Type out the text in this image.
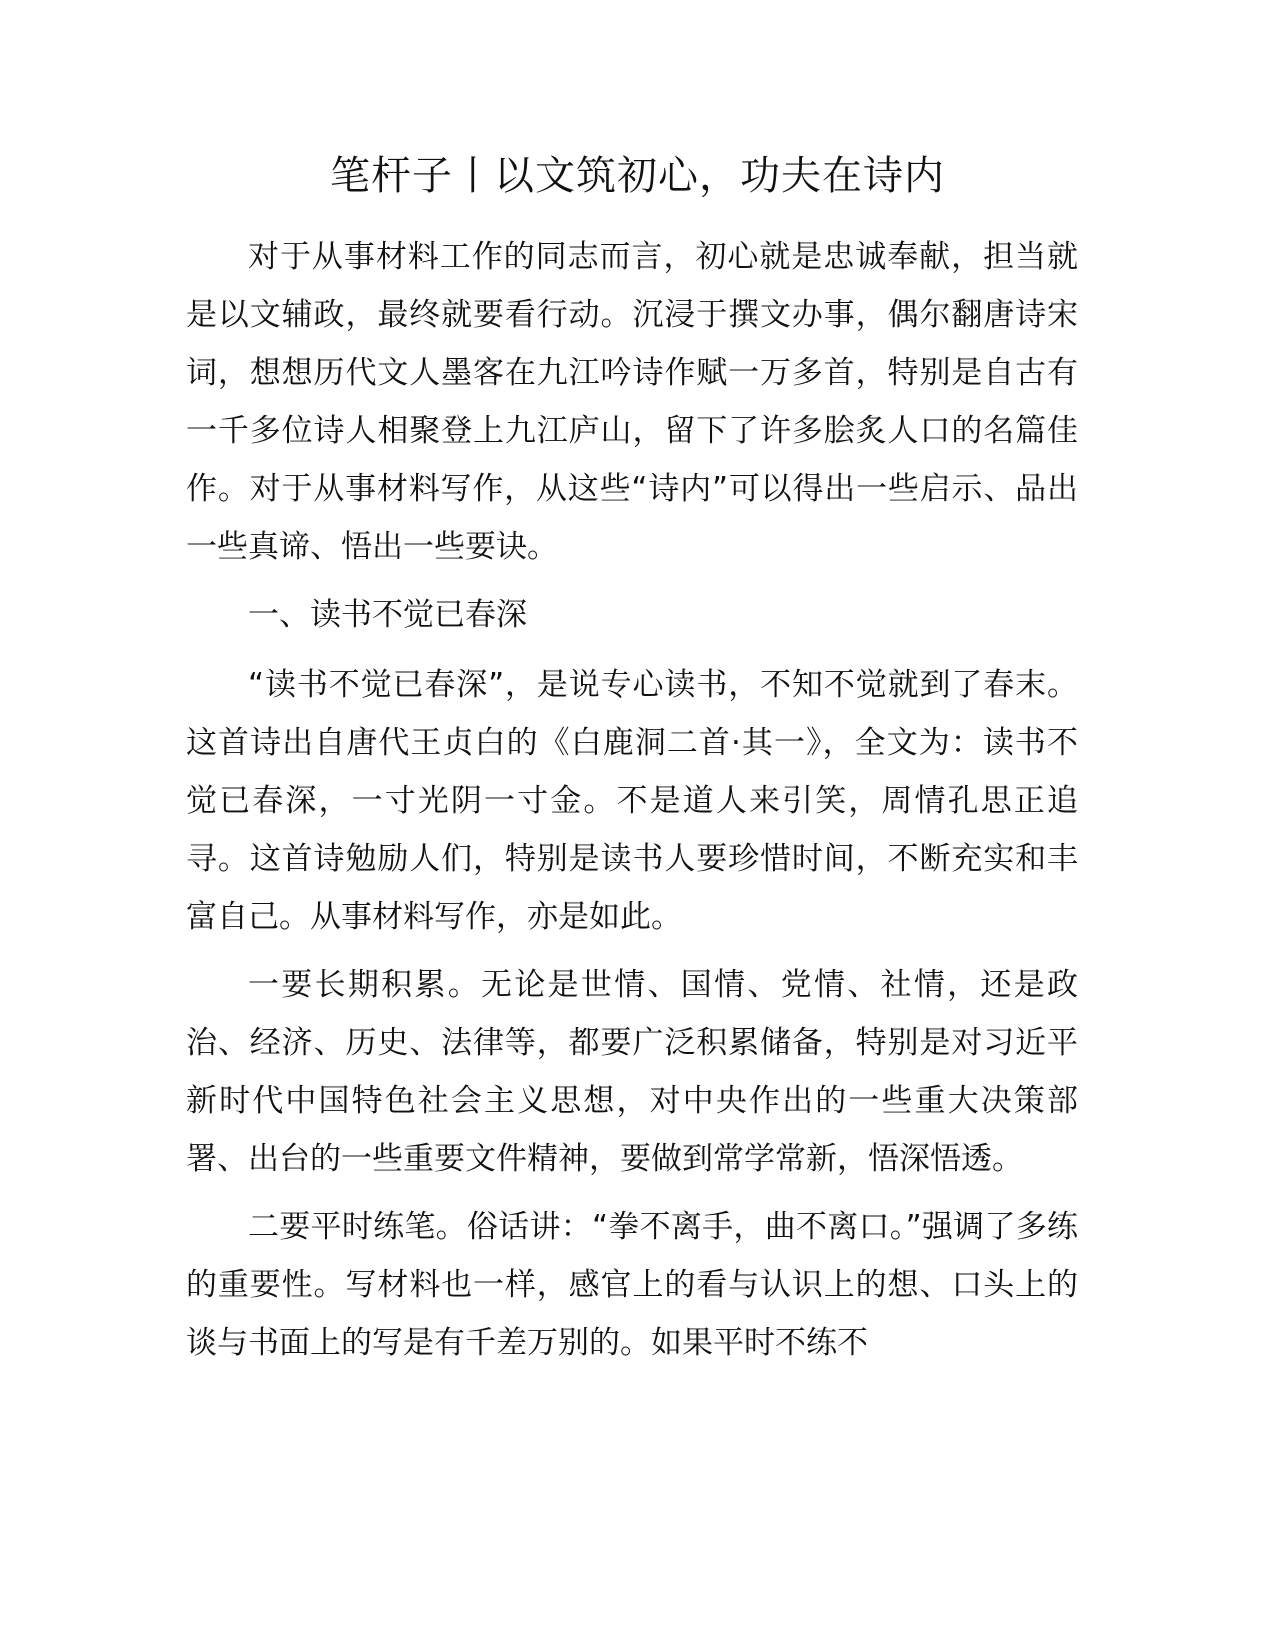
笔杆子丨以文筑初心，功夫在诗内

对于从事材料工作的同志而言，初心就是忠诚奉献，担当就是以文辅政，最终就要看行动。沉浸于撰文办事，偶尔翻唐诗宋词，想想历代文人墨客在九江吟诗作赋一万多首，特别是自古有一千多位诗人相聚登上九江庐山，留下了许多脍炙人口的名篇佳作。对于从事材料写作，从这些“诗内”可以得出一些启示、品出一些真谛、悟出一些要诀。

一、读书不觉已春深

“读书不觉已春深”，是说专心读书，不知不觉就到了春末。这首诗出自唐代王贞白的《白鹿洞二首·其一》，全文为：读书不觉已春深，一寸光阴一寸金。不是道人来引笑，周情孔思正追寻。这首诗勉励人们，特别是读书人要珍惜时间，不断充实和丰富自己。从事材料写作，亦是如此。

一要长期积累。无论是世情、国情、党情、社情，还是政治、经济、历史、法律等，都要广泛积累储备，特别是对习近平新时代中国特色社会主义思想，对中央作出的一些重大决策部署、出台的一些重要文件精神，要做到常学常新，悟深悟透。

二要平时练笔。俗话讲：“拳不离手，曲不离口。”强调了多练的重要性。写材料也一样，感官上的看与认识上的想、口头上的谈与书面上的写是有千差万别的。如果平时不练不
